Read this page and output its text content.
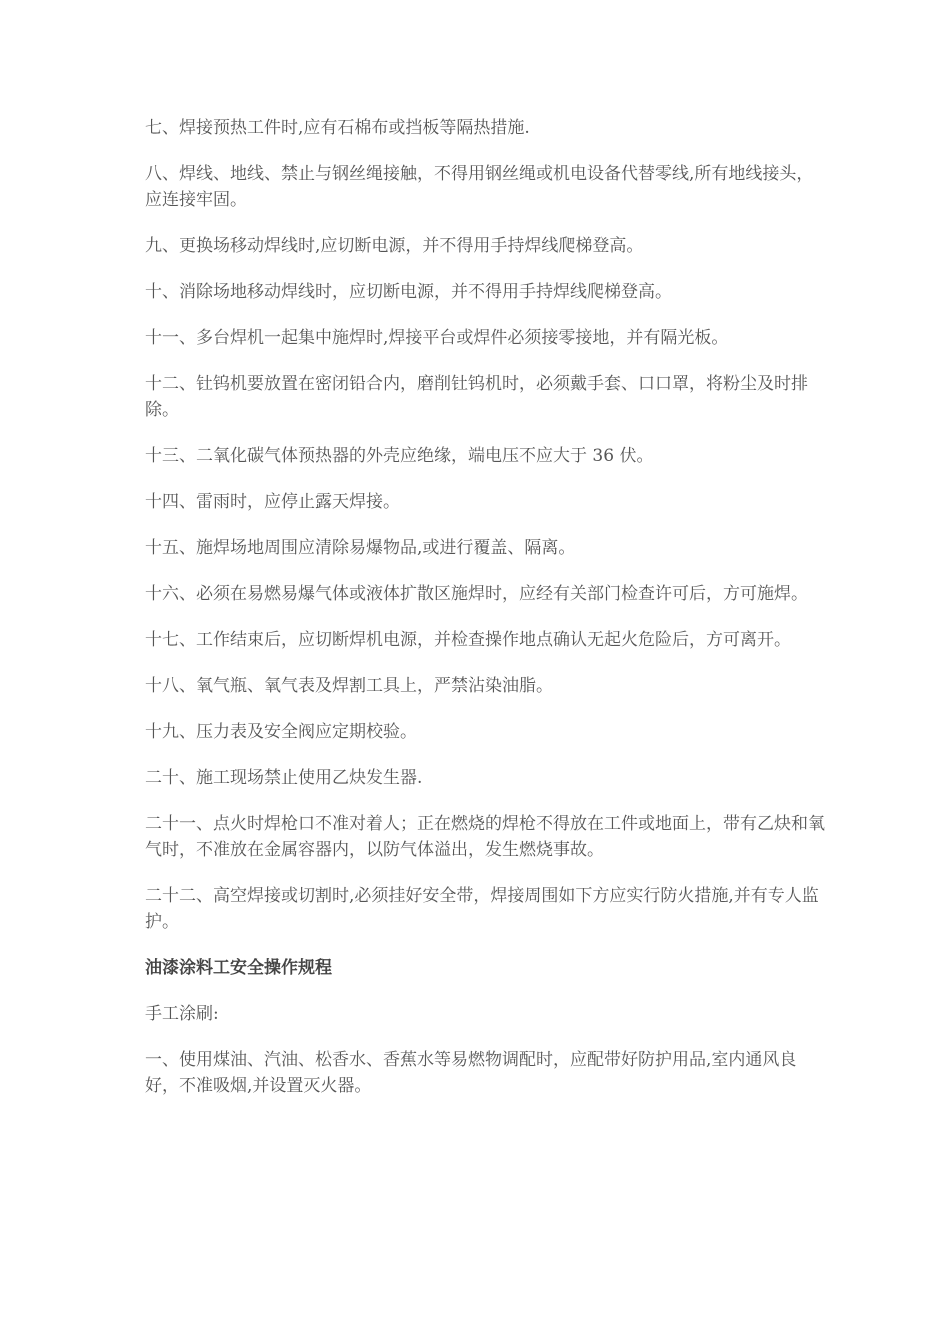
七、焊接预热工件时,应有石棉布或挡板等隔热措施.

八、焊线、地线、禁止与钢丝绳接触，不得用钢丝绳或机电设备代替零线,所有地线接头，应连接牢固。

九、更换场移动焊线时,应切断电源，并不得用手持焊线爬梯登高。

十、消除场地移动焊线时，应切断电源，并不得用手持焊线爬梯登高。

十一、多台焊机一起集中施焊时,焊接平台或焊件必须接零接地，并有隔光板。

十二、钍钨机要放置在密闭铅合内，磨削钍钨机时，必须戴手套、口口罩，将粉尘及时排除。

十三、二氧化碳气体预热器的外壳应绝缘，端电压不应大于 36 伏。

十四、雷雨时，应停止露天焊接。

十五、施焊场地周围应清除易爆物品,或进行覆盖、隔离。

十六、必须在易燃易爆气体或液体扩散区施焊时，应经有关部门检查许可后，方可施焊。

十七、工作结束后，应切断焊机电源，并检查操作地点确认无起火危险后，方可离开。

十八、氧气瓶、氧气表及焊割工具上，严禁沾染油脂。

十九、压力表及安全阀应定期校验。

二十、施工现场禁止使用乙炔发生器.

二十一、点火时焊枪口不准对着人；正在燃烧的焊枪不得放在工件或地面上，带有乙炔和氧气时，不准放在金属容器内，以防气体溢出，发生燃烧事故。

二十二、高空焊接或切割时,必须挂好安全带，焊接周围如下方应实行防火措施,并有专人监护。

油漆涂料工安全操作规程

手工涂刷:

一、使用煤油、汽油、松香水、香蕉水等易燃物调配时，应配带好防护用品,室内通风良好，不准吸烟,并设置灭火器。
